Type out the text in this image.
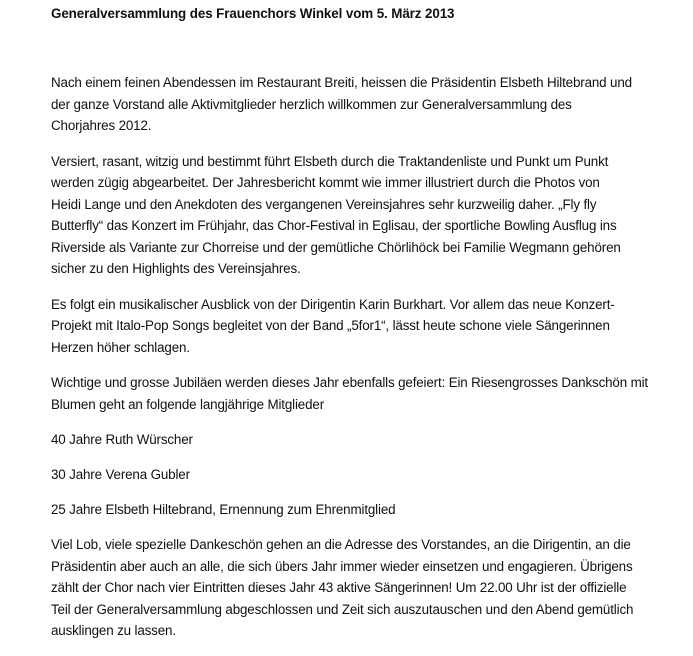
Generalversammlung des Frauenchors Winkel vom 5. März 2013

Nach einem feinen Abendessen im Restaurant Breiti, heissen die Präsidentin Elsbeth Hiltebrand und
der ganze Vorstand alle Aktivmitglieder herzlich willkommen zur Generalversammlung des
Chorjahres 2012.

Versiert, rasant, witzig und bestimmt führt Elsbeth durch die Traktandenliste und Punkt um Punkt
werden zügig abgearbeitet. Der Jahresbericht kommt wie immer illustriert durch die Photos von
Heidi Lange und den Anekdoten des vergangenen Vereinsjahres sehr kurzweilig daher. „Fly fly
Butterfly“ das Konzert im Frühjahr, das Chor-Festival in Eglisau, der sportliche Bowling Ausflug ins
Riverside als Variante zur Chorreise und der gemütliche Chörlihöck bei Familie Wegmann gehören
sicher zu den Highlights des Vereinsjahres.

Es folgt ein musikalischer Ausblick von der Dirigentin Karin Burkhart. Vor allem das neue Konzert-
Projekt mit Italo-Pop Songs begleitet von der Band „5for1“, lässt heute schone viele Sängerinnen
Herzen höher schlagen.

Wichtige und grosse Jubiläen werden dieses Jahr ebenfalls gefeiert: Ein Riesengrosses Dankschön mit
Blumen geht an folgende langjährige Mitglieder

40 Jahre Ruth Würscher

30 Jahre Verena Gubler

25 Jahre Elsbeth Hiltebrand, Ernennung zum Ehrenmitglied

Viel Lob, viele spezielle Dankeschön gehen an die Adresse des Vorstandes, an die Dirigentin, an die
Präsidentin aber auch an alle, die sich übers Jahr immer wieder einsetzen und engagieren. Übrigens
zählt der Chor nach vier Eintritten dieses Jahr 43 aktive Sängerinnen! Um 22.00 Uhr ist der offizielle
Teil der Generalversammlung abgeschlossen und Zeit sich auszutauschen und den Abend gemütlich
ausklingen zu lassen.
